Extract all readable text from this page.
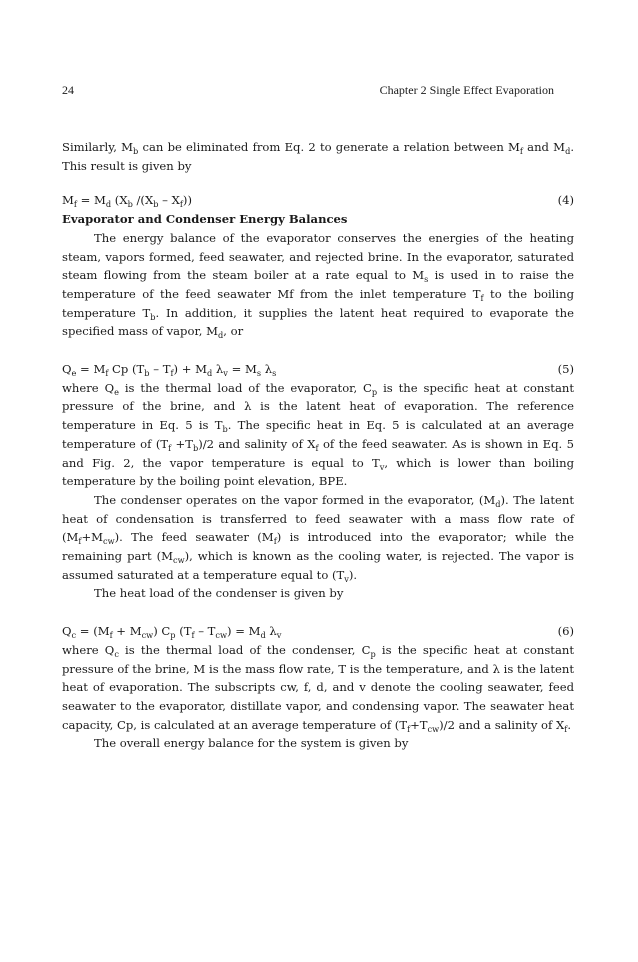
24	Chapter 2 Single Effect Evaporation

Similarly, $M_b$ can be eliminated from Eq. 2 to generate a relation between $M_f$ and $M_d$. This result is given by

$M_f = M_d$ ($X_b$ $/(X_b - X_f)$)	(4)

Evaporator and Condenser Energy Balances

The energy balance of the evaporator conserves the energies of the heating steam, vapors formed, feed seawater, and rejected brine. In the evaporator, saturated steam flowing from the steam boiler at a rate equal to $M_s$ is used in to raise the temperature of the feed seawater Mf from the inlet temperature $T_f$ to the boiling temperature $T_b$. In addition, it supplies the latent heat required to evaporate the specified mass of vapor, $M_d$, or

$Q_e = M_f$ Cp $(T_b - T_f) + M_d$ $\lambda_v = M_s$ $\lambda_s$	(5)

where $Q_e$ is the thermal load of the evaporator, $C_p$ is the specific heat at constant pressure of the brine, and λ is the latent heat of evaporation. The reference temperature in Eq. 5 is $T_b$. The specific heat in Eq. 5 is calculated at an average temperature of $(T_f +T_b)/2$ and salinity of $X_f$ of the feed seawater. As is shown in Eq. 5 and Fig. 2, the vapor temperature is equal to $T_v$, which is lower than boiling temperature by the boiling point elevation, BPE.

The condenser operates on the vapor formed in the evaporator, $(M_d)$. The latent heat of condensation is transferred to feed seawater with a mass flow rate of $(M_f+M_{cw})$. The feed seawater $(M_f)$ is introduced into the evaporator; while the remaining part $(M_{cw})$, which is known as the cooling water, is rejected. The vapor is assumed saturated at a temperature equal to $(T_v)$.

The heat load of the condenser is given by

$Q_c = (M_f + M_{cw})$ $C_p$ $(T_f - T_{cw}) = M_d$ $\lambda_v$	(6)

where $Q_c$ is the thermal load of the condenser, $C_p$ is the specific heat at constant pressure of the brine, M is the mass flow rate, T is the temperature, and λ is the latent heat of evaporation. The subscripts cw, f, d, and v denote the cooling seawater, feed seawater to the evaporator, distillate vapor, and condensing vapor. The seawater heat capacity, Cp, is calculated at an average temperature of $(T_f+T_{cw})/2$ and a salinity of $X_f$.

The overall energy balance for the system is given by
